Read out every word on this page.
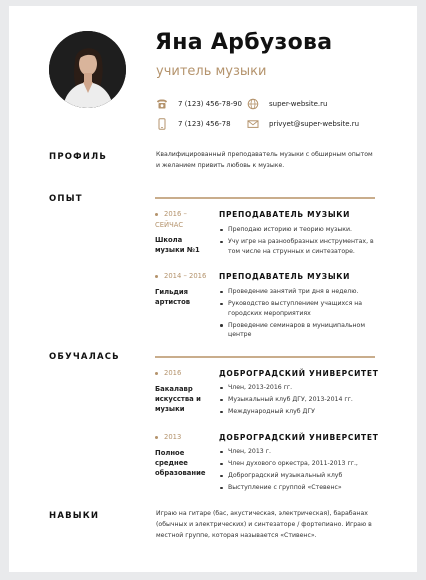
Яна Арбузова
учитель музыки
7 (123) 456-78-90	super-website.ru
7 (123) 456-78	privyet@super-website.ru
ПРОФИЛЬ	Квалифицированный преподаватель музыки с обширным опытом и желанием привить любовь к музыке.
ОПЫТ
2016 – СЕЙЧАС
Школа музыки №1
ПРЕПОДАВАТЕЛЬ МУЗЫКИ
Преподаю историю и теорию музыки.
Учу игре на разнообразных инструментах, в том числе на струнных и синтезаторе.
2014 – 2016
Гильдия артистов
ПРЕПОДАВАТЕЛЬ МУЗЫКИ
Проведение занятий три дня в неделю.
Руководство выступлением учащихся на городских мероприятиях
Проведение семинаров в муниципальном центре
ОБУЧАЛАСЬ
2016
Бакалавр искусства и музыки
ДОБРОГРАДСКИЙ УНИВЕРСИТЕТ
Член, 2013-2016 гг.
Музыкальный клуб ДГУ, 2013-2014 гг.
Международный клуб ДГУ
2013
Полное среднее образование
ДОБРОГРАДСКИЙ УНИВЕРСИТЕТ
Член, 2013 г.
Член духового оркестра, 2011-2013 гг.,
Доброградский музыкальный клуб
Выступление с группой «Стевенс»
НАВЫКИ	Играю на гитаре (бас, акустическая, электрическая), барабанах (обычных и электрических) и синтезаторе / фортепиано. Играю в местной группе, которая называется «Стивенс».
